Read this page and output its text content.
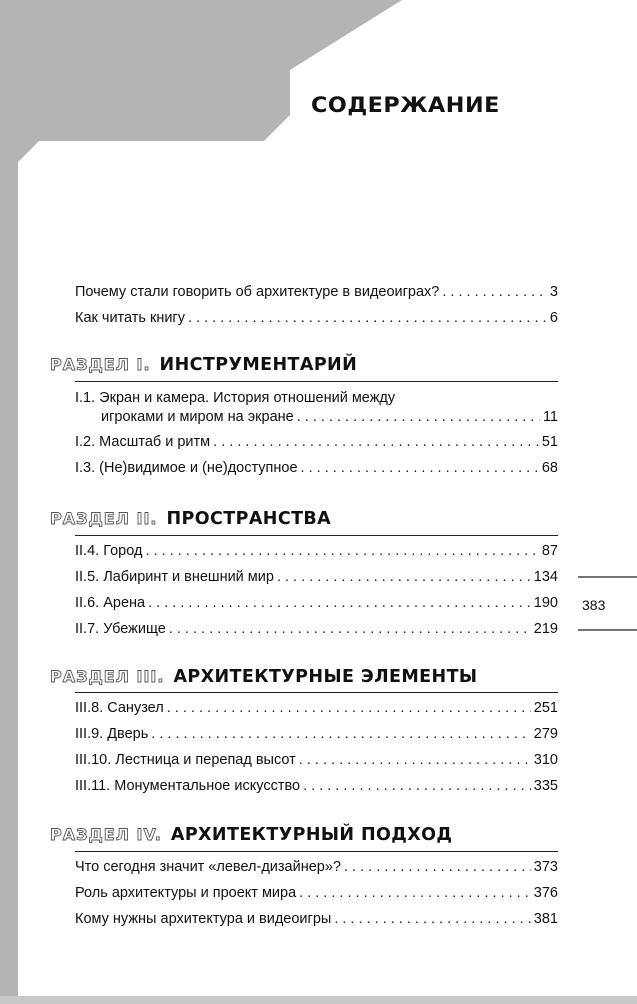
СОДЕРЖАНИЕ
Почему стали говорить об архитектуре в видеоиграх? . . .	3
Как читать книгу . . .	6
РАЗДЕЛ I. ИНСТРУМЕНТАРИЙ
I.1. Экран и камера. История отношений между
игроками и миром на экране . . .	11
I.2. Масштаб и ритм . . .	51
I.3. (Не)видимое и (не)доступное . . .	68
РАЗДЕЛ II. ПРОСТРАНСТВА
II.4. Город . . .	87
II.5. Лабиринт и внешний мир . . .	134
II.6. Арена . . .	190
II.7. Убежище . . .	219
РАЗДЕЛ III. АРХИТЕКТУРНЫЕ ЭЛЕМЕНТЫ
III.8. Санузел . . .	251
III.9. Дверь . . .	279
III.10. Лестница и перепад высот . . .	310
III.11. Монументальное искусство . . .	335
РАЗДЕЛ IV. АРХИТЕКТУРНЫЙ ПОДХОД
Что сегодня значит «левел-дизайнер»? . . .	373
Роль архитектуры и проект мира . . .	376
Кому нужны архитектура и видеоигры . . .	381
383
